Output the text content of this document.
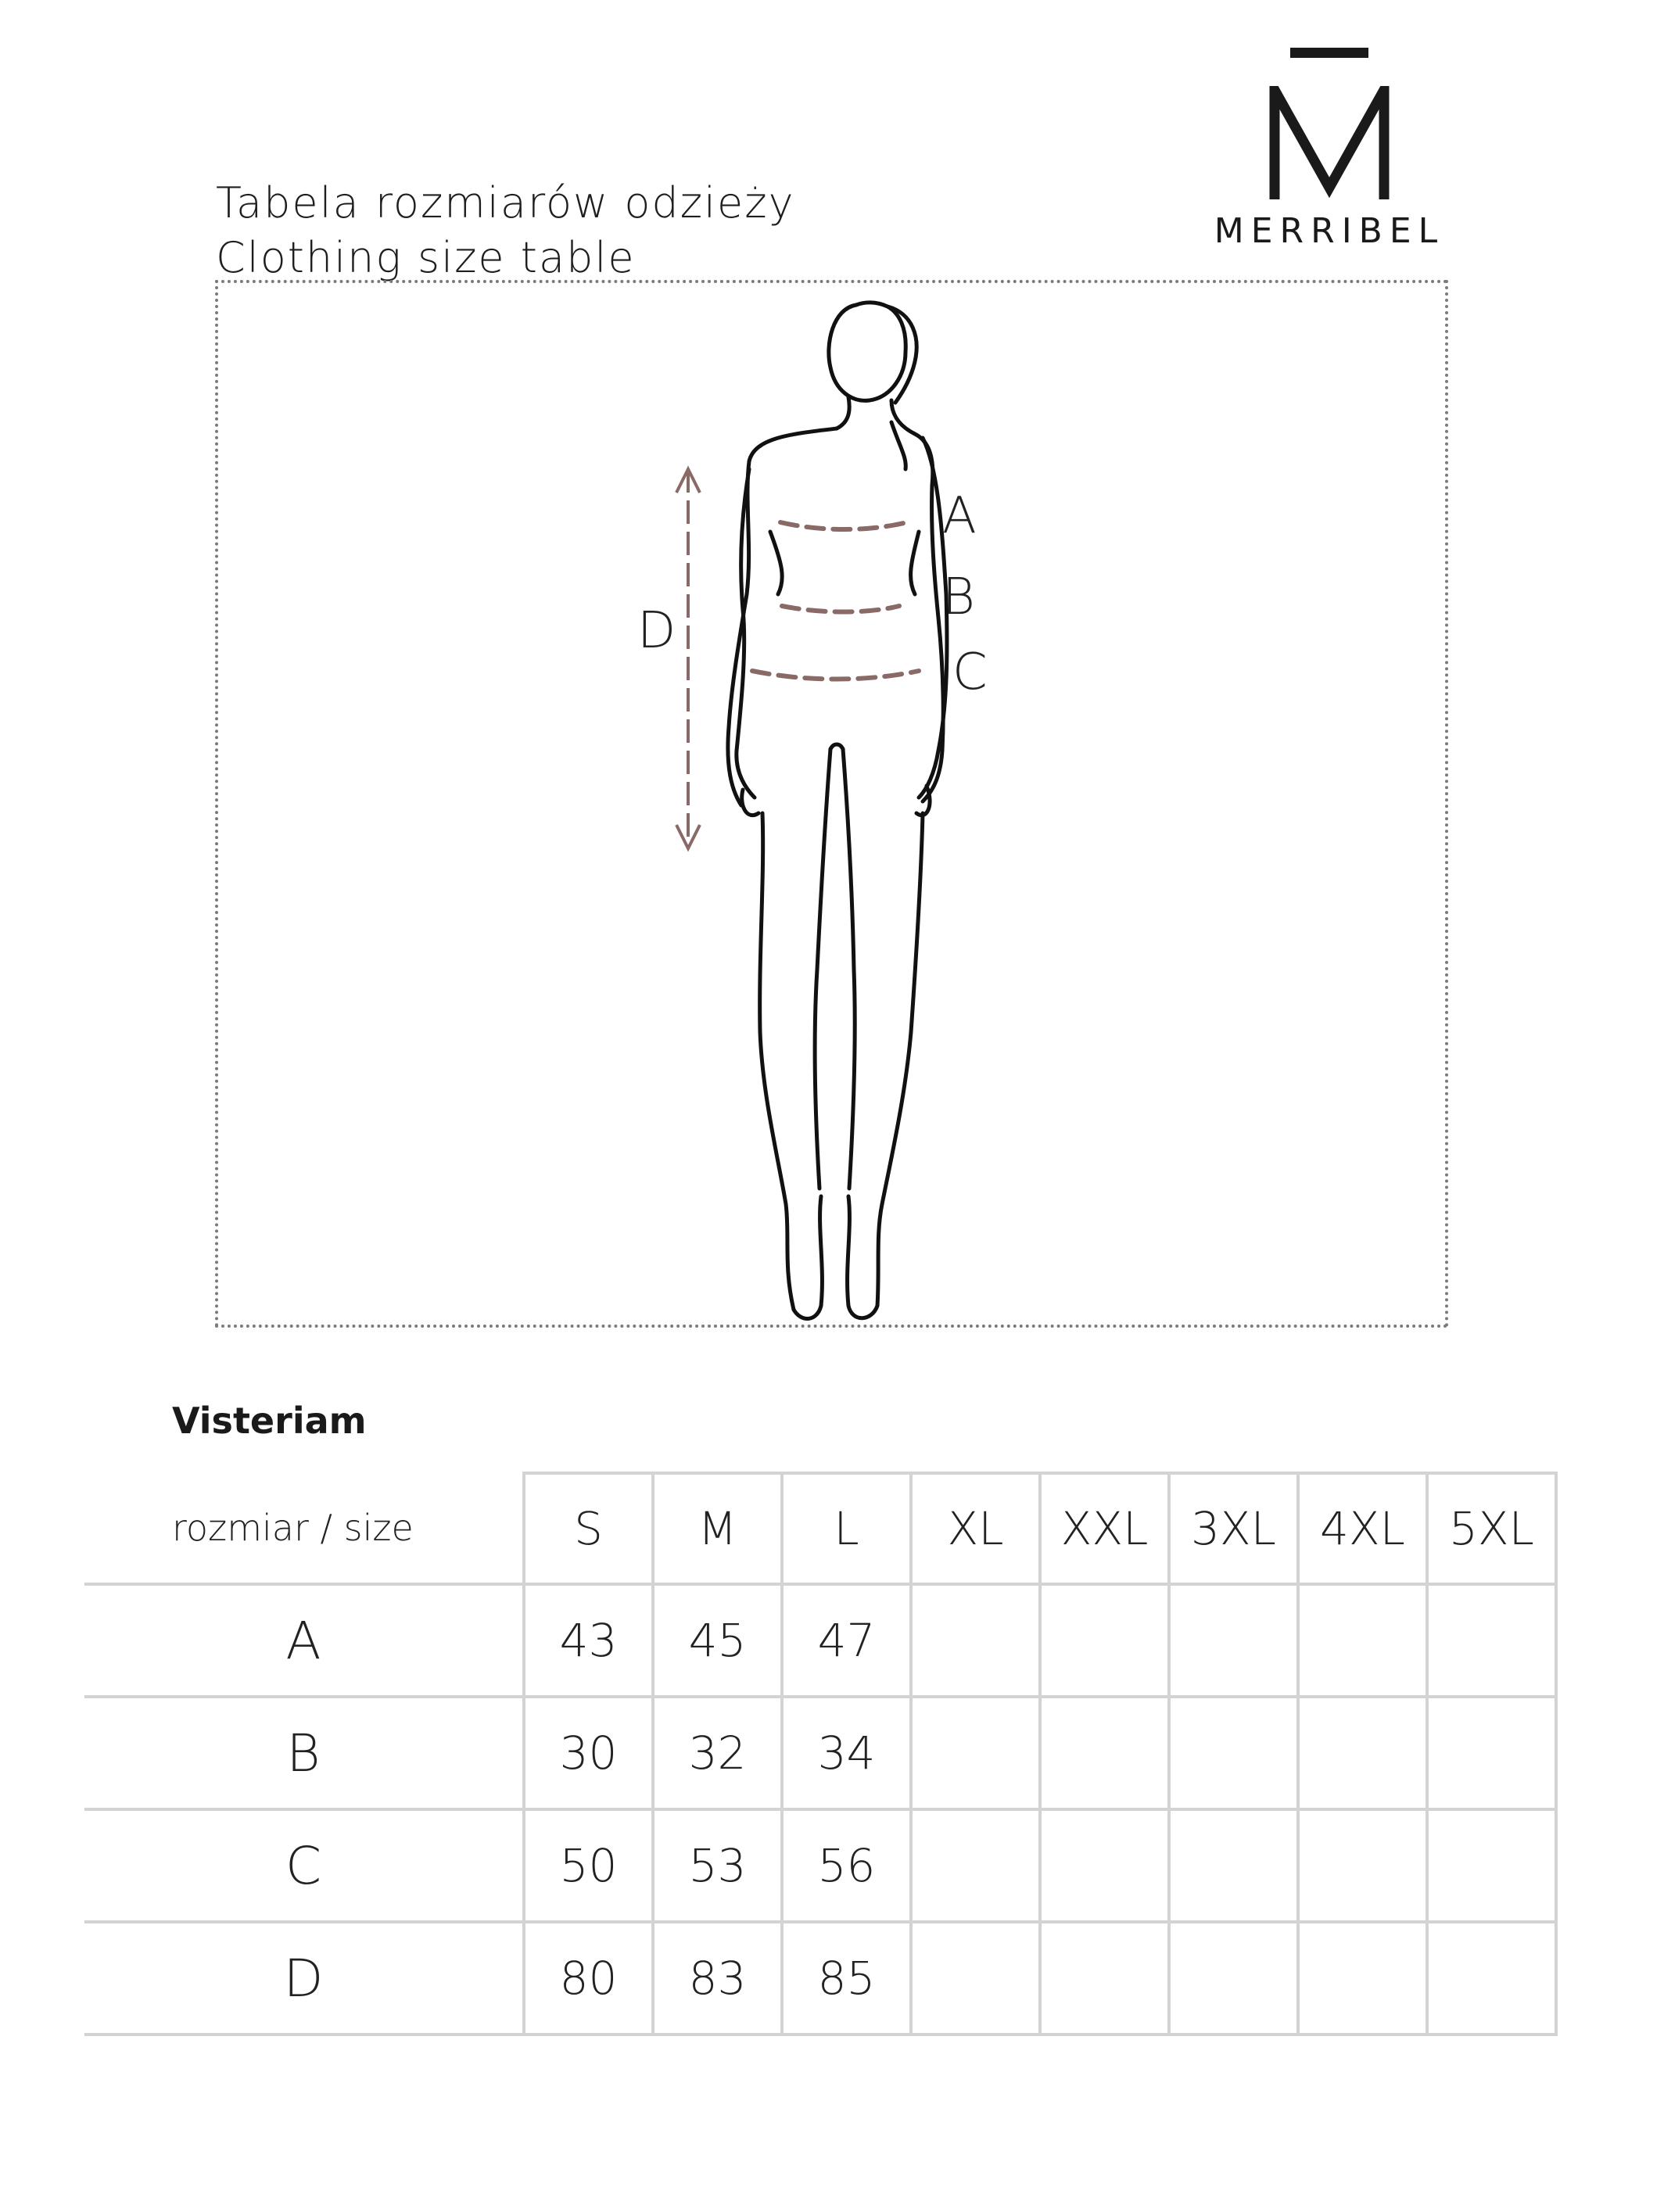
Tabela rozmiarów odzieży
Clothing size table
MERRIBEL
A
B
C
D
Visteriam
rozmiar / size	S	M	L	XL	XXL	3XL	4XL	5XL
A	43	45	47					
B	30	32	34					
C	50	53	56					
D	80	83	85					
